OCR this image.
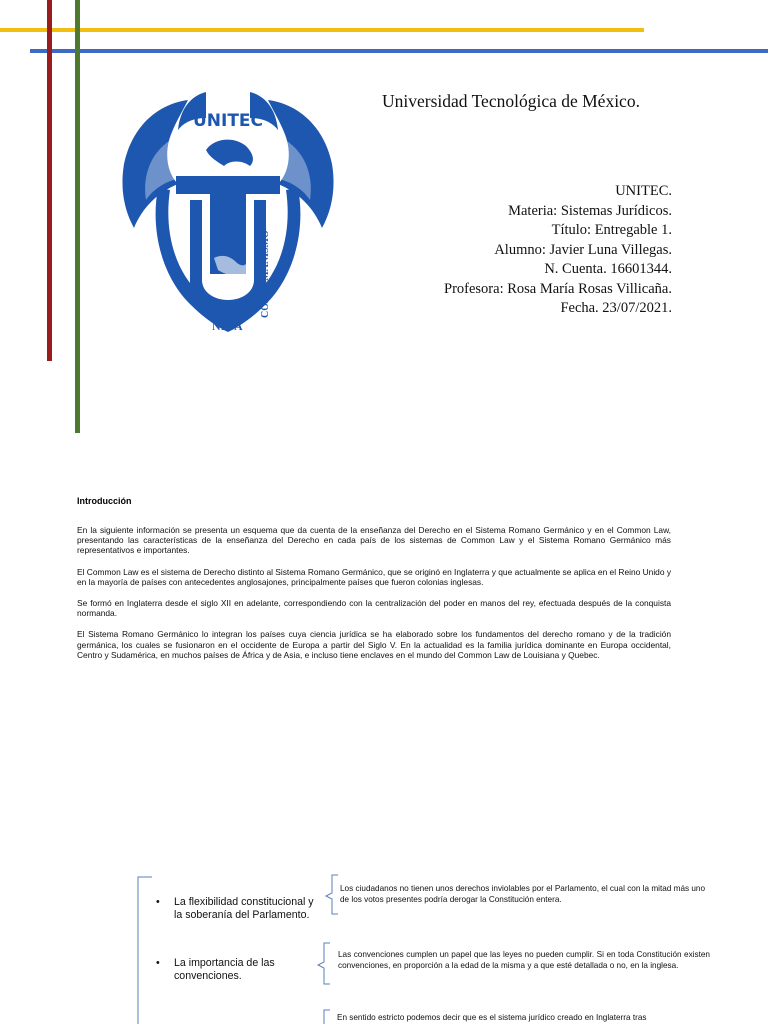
UNITEC
CIENCIA Y TE
NICA
CONHUMANISMO
Universidad Tecnológica de México.
UNITEC.
Materia: Sistemas Jurídicos.
Título: Entregable 1.
Alumno: Javier Luna Villegas.
N. Cuenta. 16601344.
Profesora: Rosa María Rosas Villicaña.
Fecha. 23/07/2021.
Introducción
En la siguiente información se presenta un esquema que da cuenta de la enseñanza del Derecho en el Sistema Romano Germánico y en el Common Law, presentando las características de la enseñanza del Derecho en cada país de los sistemas de Common Law y el Sistema Romano Germánico más representativos e importantes.
El Common Law es el sistema de Derecho distinto al Sistema Romano Germánico, que se originó en Inglaterra y que actualmente se aplica en el Reino Unido y en la mayoría de países con antecedentes anglosajones, principalmente países que fueron colonias inglesas.
Se formó en Inglaterra desde el siglo XII en adelante, correspondiendo con la centralización del poder en manos del rey, efectuada después de la conquista normanda.
El Sistema Romano Germánico lo integran los países cuya ciencia jurídica se ha elaborado sobre los fundamentos del derecho romano y de la tradición germánica, los cuales se fusionaron en el occidente de Europa a partir del Siglo V. En la actualidad es la familia jurídica dominante en Europa occidental, Centro y Sudamérica, en muchos países de África y de Asia, e incluso tiene enclaves en el mundo del Common Law de Louisiana y Quebec.
• La flexibilidad constitucional y la soberanía del Parlamento.
• La importancia de las convenciones.
Los ciudadanos no tienen unos derechos inviolables por el Parlamento, el cual con la mitad más uno de los votos presentes podría derogar la Constitución entera.
Las convenciones cumplen un papel que las leyes no pueden cumplir. Si en toda Constitución existen convenciones, en proporción a la edad de la misma y a que esté detallada o no, en la inglesa.
En sentido estricto podemos decir que es el sistema jurídico creado en Inglaterra tras
